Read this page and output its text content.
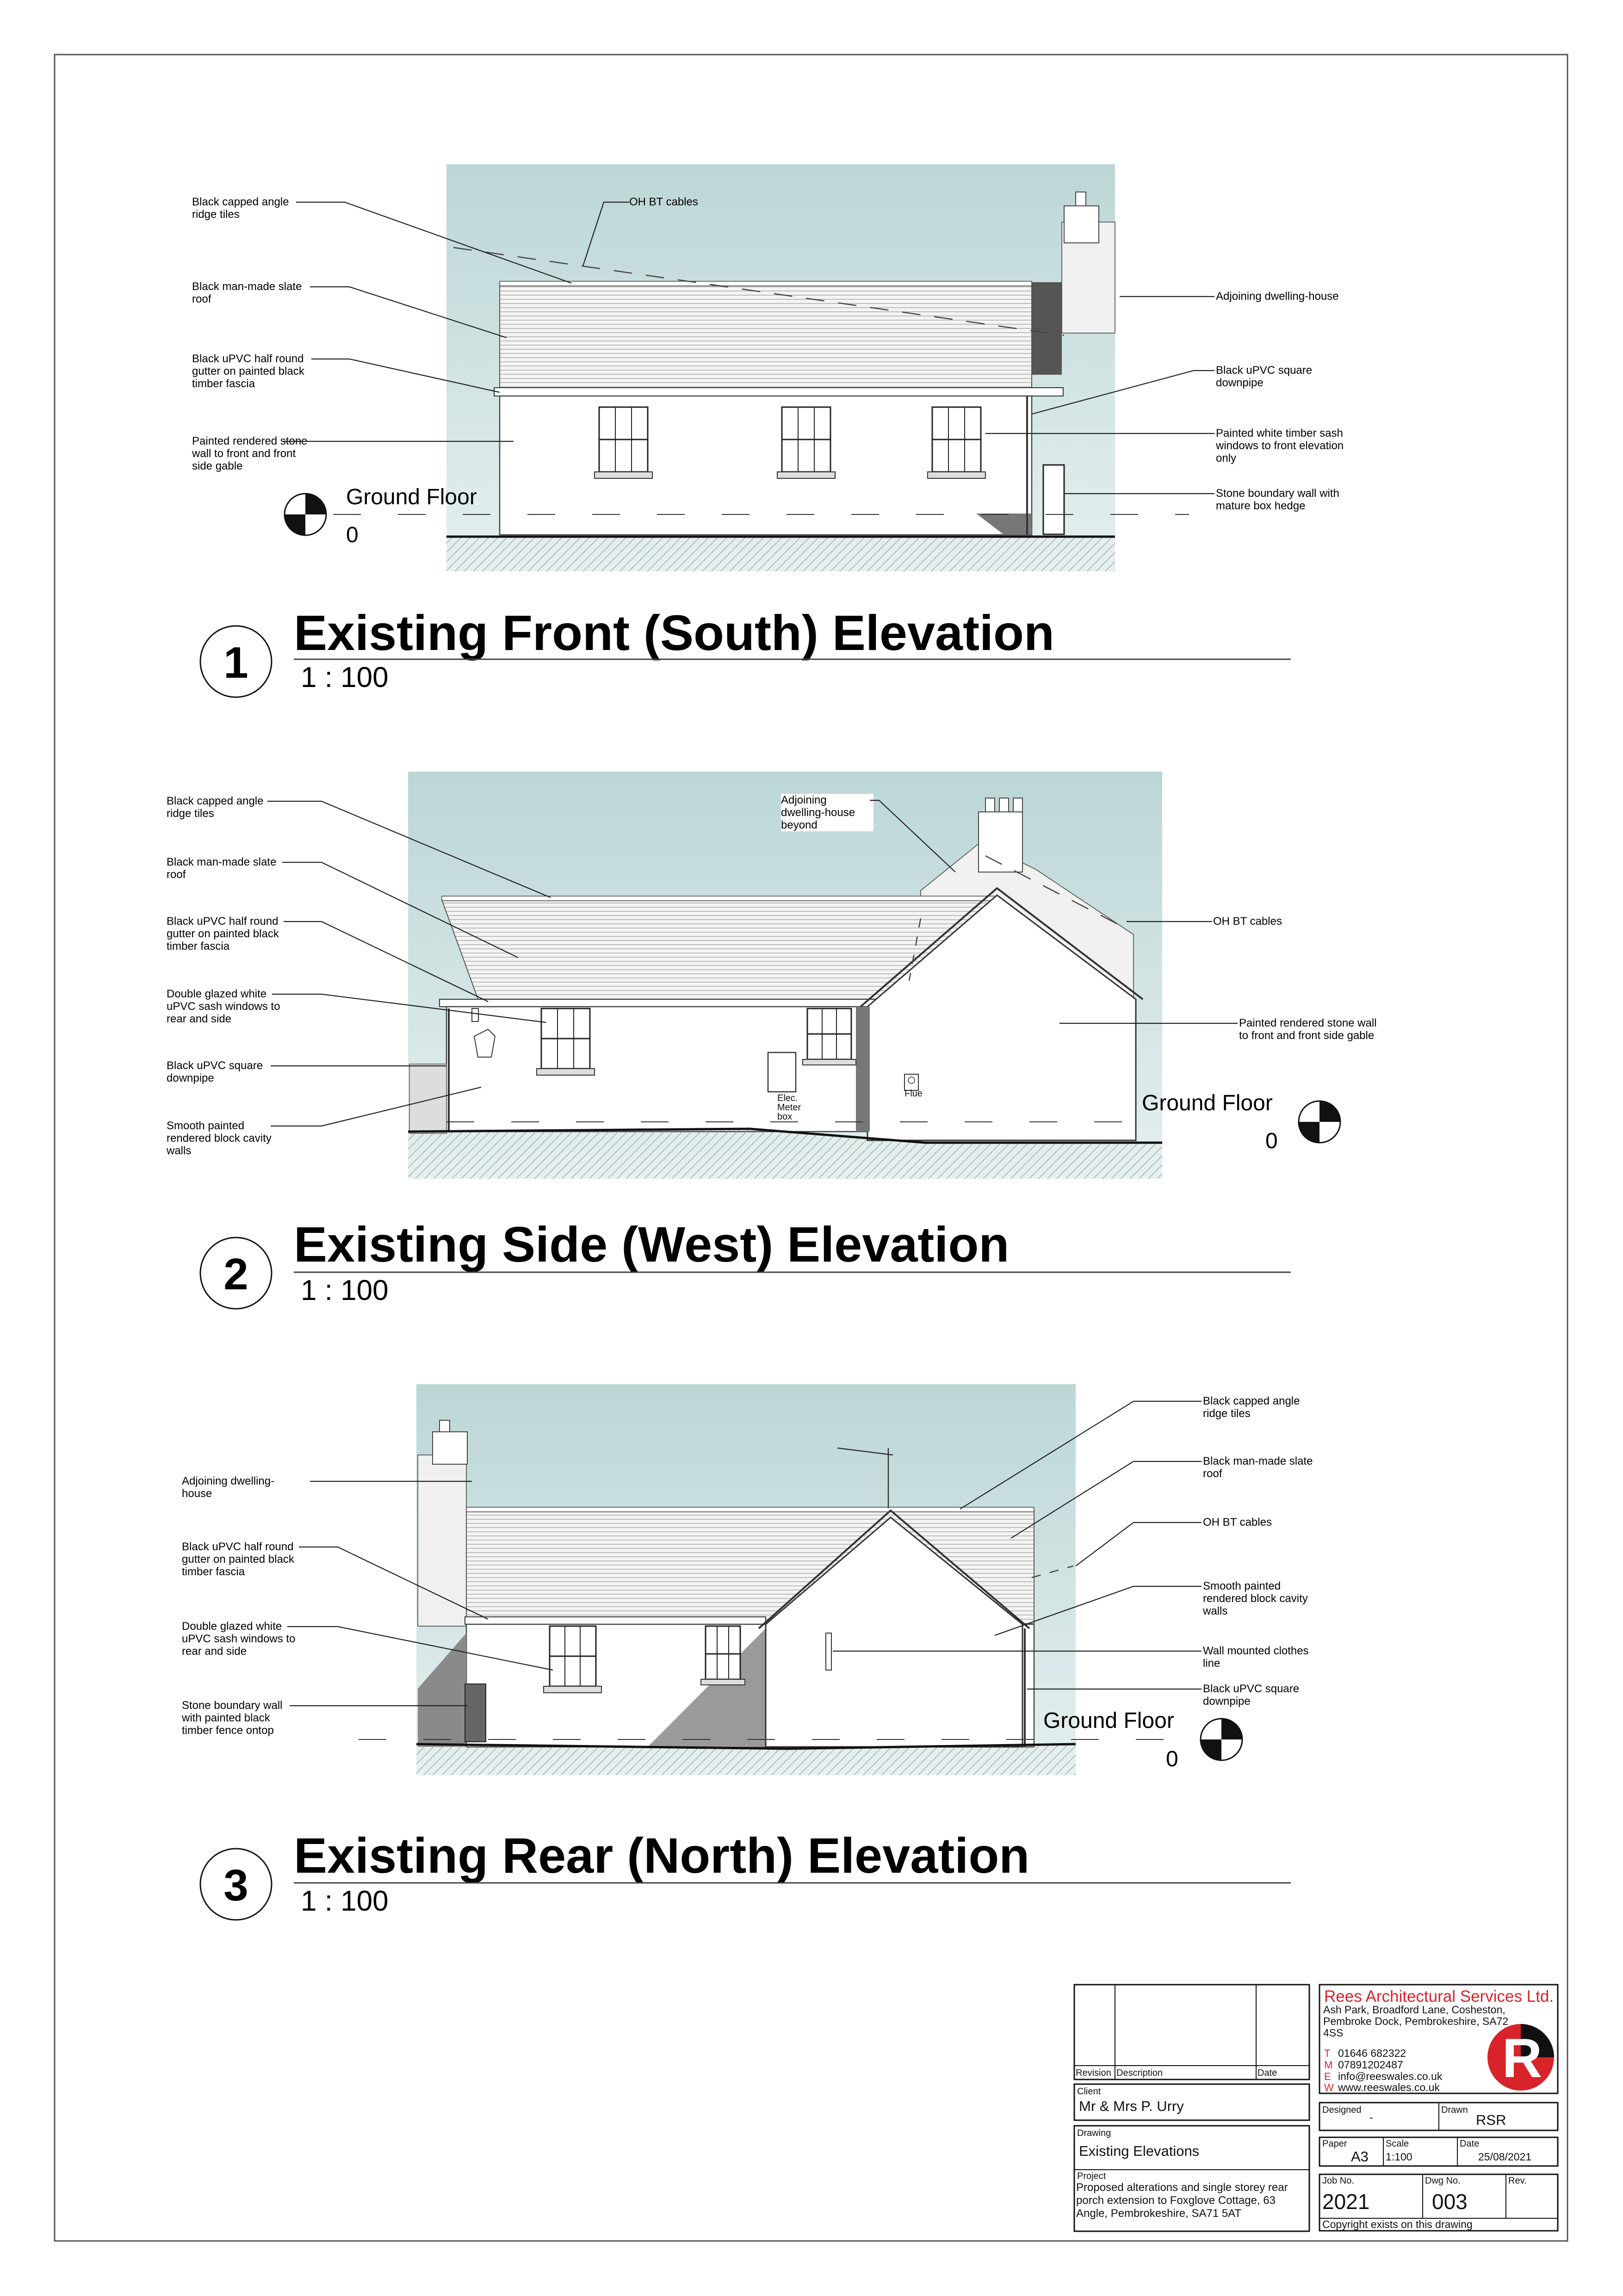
Ground Floor
0
Black capped angle ridge tiles
Black man-made slate roof
Black uPVC half round gutter on painted black timber fascia
Painted rendered stone wall to front and front side gable
OH BT cables
Adjoining dwelling-house
Black uPVC square downpipe
Painted white timber sash windows to front elevation only
Stone boundary wall with mature box hedge
1
Existing Front (South) Elevation
1 : 100
Elec.
Meter
box
Flue	Ground Floor
0
Black capped angle ridge tiles
Black man-made slate roof
Black uPVC half round gutter on painted black timber fascia
Double glazed white uPVC sash windows to rear and side
Black uPVC square downpipe
Smooth painted rendered block cavity walls
Adjoining dwelling-house beyond
OH BT cables
Painted rendered stone wall to front and front side gable
2
Existing Side (West) Elevation
1 : 100
Ground Floor
0
Adjoining dwelling-house
Black uPVC half round gutter on painted black timber fascia
Double glazed white uPVC sash windows to rear and side
Stone boundary wall with painted black timber fence ontop
Black capped angle ridge tiles
Black man-made slate roof
OH BT cables
Smooth painted rendered block cavity walls
Wall mounted clothes line
Black uPVC square downpipe
3
Existing Rear (North) Elevation
1 : 100
Revision Description	Date
Client
Mr & Mrs P. Urry
Drawing
Existing Elevations
Project
Proposed alterations and single storey rear porch extension to Foxglove Cottage, 63 Angle, Pembrokeshire, SA71 5AT
Rees Architectural Services Ltd.
Ash Park, Broadford Lane, Cosheston, Pembroke Dock, Pembrokeshire, SA72 4SS
T 01646 682322
M 07891202487
E info@reeswales.co.uk
W www.reeswales.co.uk R
Designed
-
Drawn
RSR
Paper
A3
Scale
1:100
Date
25/08/2021
Job No.
2021
Dwg No.
003
Rev.
Copyright exists on this drawing
